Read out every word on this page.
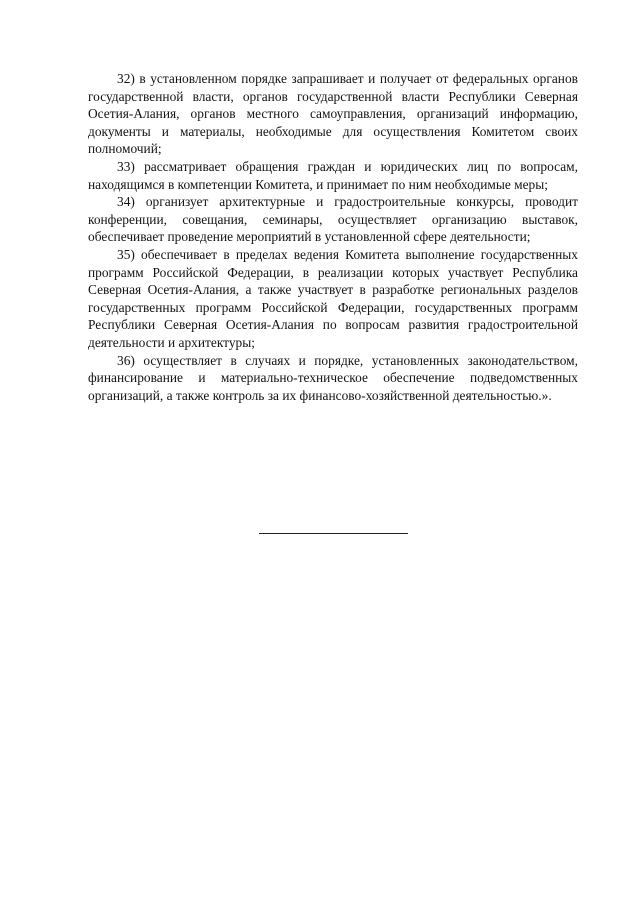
32) в установленном порядке запрашивает и получает от федеральных органов государственной власти, органов государственной власти Республики Северная Осетия-Алания, органов местного самоуправления, организаций информацию, документы и материалы, необходимые для осуществления Комитетом своих полномочий;

33) рассматривает обращения граждан и юридических лиц по вопросам, находящимся в компетенции Комитета, и принимает по ним необходимые меры;

34) организует архитектурные и градостроительные конкурсы, проводит конференции, совещания, семинары, осуществляет организацию выставок, обеспечивает проведение мероприятий в установленной сфере деятельности;

35) обеспечивает в пределах ведения Комитета выполнение государственных программ Российской Федерации, в реализации которых участвует Республика Северная Осетия-Алания, а также участвует в разработке региональных разделов государственных программ Российской Федерации, государственных программ Республики Северная Осетия-Алания по вопросам развития градостроительной деятельности и архитектуры;

36) осуществляет в случаях и порядке, установленных законодательством, финансирование и материально-техническое обеспечение подведомственных организаций, а также контроль за их финансово-хозяйственной деятельностью.».
